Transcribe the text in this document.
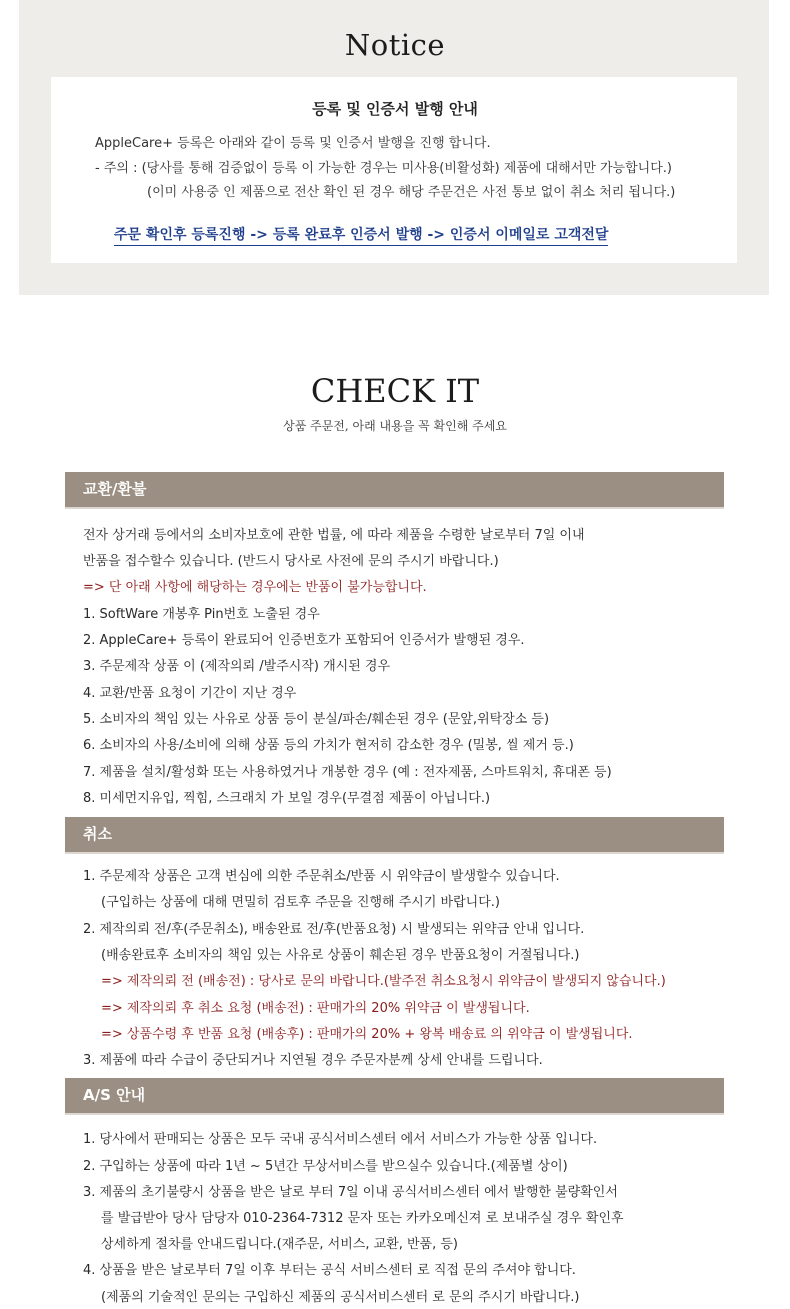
Notice
등록 및 인증서 발행 안내
AppleCare+ 등록은 아래와 같이 등록 및 인증서 발행을 진행 합니다.
- 주의 : (당사를 통해 검증없이 등록 이 가능한 경우는 미사용(비활성화) 제품에 대해서만 가능합니다.)
(이미 사용중 인 제품으로 전산 확인 된 경우 해당 주문건은 사전 통보 없이 취소 처리 됩니다.)
주문 확인후 등록진행 -> 등록 완료후 인증서 발행 -> 인증서 이메일로 고객전달
CHECK IT
상품 주문전, 아래 내용을 꼭 확인해 주세요
교환/환불
전자 상거래 등에서의 소비자보호에 관한 법률, 에 따라 제품을 수령한 날로부터 7일 이내
반품을 접수할수 있습니다. (반드시 당사로 사전에 문의 주시기 바랍니다.)
=> 단 아래 사항에 해당하는 경우에는 반품이 불가능합니다.
1. SoftWare 개봉후 Pin번호 노출된 경우
2. AppleCare+ 등록이 완료되어 인증번호가 포함되어 인증서가 발행된 경우.
3. 주문제작 상품 이 (제작의뢰 /발주시작) 개시된 경우
4. 교환/반품 요청이 기간이 지난 경우
5. 소비자의 책임 있는 사유로 상품 등이 분실/파손/훼손된 경우 (문앞,위탁장소 등)
6. 소비자의 사용/소비에 의해 상품 등의 가치가 현저히 감소한 경우 (밀봉, 씰 제거 등.)
7. 제품을 설치/활성화 또는 사용하였거나 개봉한 경우 (예 : 전자제품, 스마트워치, 휴대폰 등)
8. 미세먼지유입, 찍힘, 스크래치 가 보일 경우(무결점 제품이 아닙니다.)
취소
1. 주문제작 상품은 고객 변심에 의한 주문취소/반품 시 위약금이 발생할수 있습니다.
(구입하는 상품에 대해 면밀히 검토후 주문을 진행해 주시기 바랍니다.)
2. 제작의뢰 전/후(주문취소), 배송완료 전/후(반품요청) 시 발생되는 위약금 안내 입니다.
(배송완료후 소비자의 책임 있는 사유로 상품이 훼손된 경우 반품요청이 거절됩니다.)
=> 제작의뢰 전 (배송전) : 당사로 문의 바랍니다.(발주전 취소요청시 위약금이 발생되지 않습니다.)
=> 제작의뢰 후 취소 요청 (배송전) : 판매가의 20% 위약금 이 발생됩니다.
=> 상품수령 후 반품 요청 (배송후) : 판매가의 20% + 왕복 배송료 의 위약금 이 발생됩니다.
3. 제품에 따라 수급이 중단되거나 지연될 경우 주문자분께 상세 안내를 드립니다.
A/S 안내
1. 당사에서 판매되는 상품은 모두 국내 공식서비스센터 에서 서비스가 가능한 상품 입니다.
2. 구입하는 상품에 따라 1년 ~ 5년간 무상서비스를 받으실수 있습니다.(제품별 상이)
3. 제품의 초기불량시 상품을 받은 날로 부터 7일 이내 공식서비스센터 에서 발행한 불량확인서
를 발급받아 당사 담당자 010-2364-7312 문자 또는 카카오메신져 로 보내주실 경우 확인후
상세하게 절차를 안내드립니다.(재주문, 서비스, 교환, 반품, 등)
4. 상품을 받은 날로부터 7일 이후 부터는 공식 서비스센터 로 직접 문의 주셔야 합니다.
(제품의 기술적인 문의는 구입하신 제품의 공식서비스센터 로 문의 주시기 바랍니다.)
